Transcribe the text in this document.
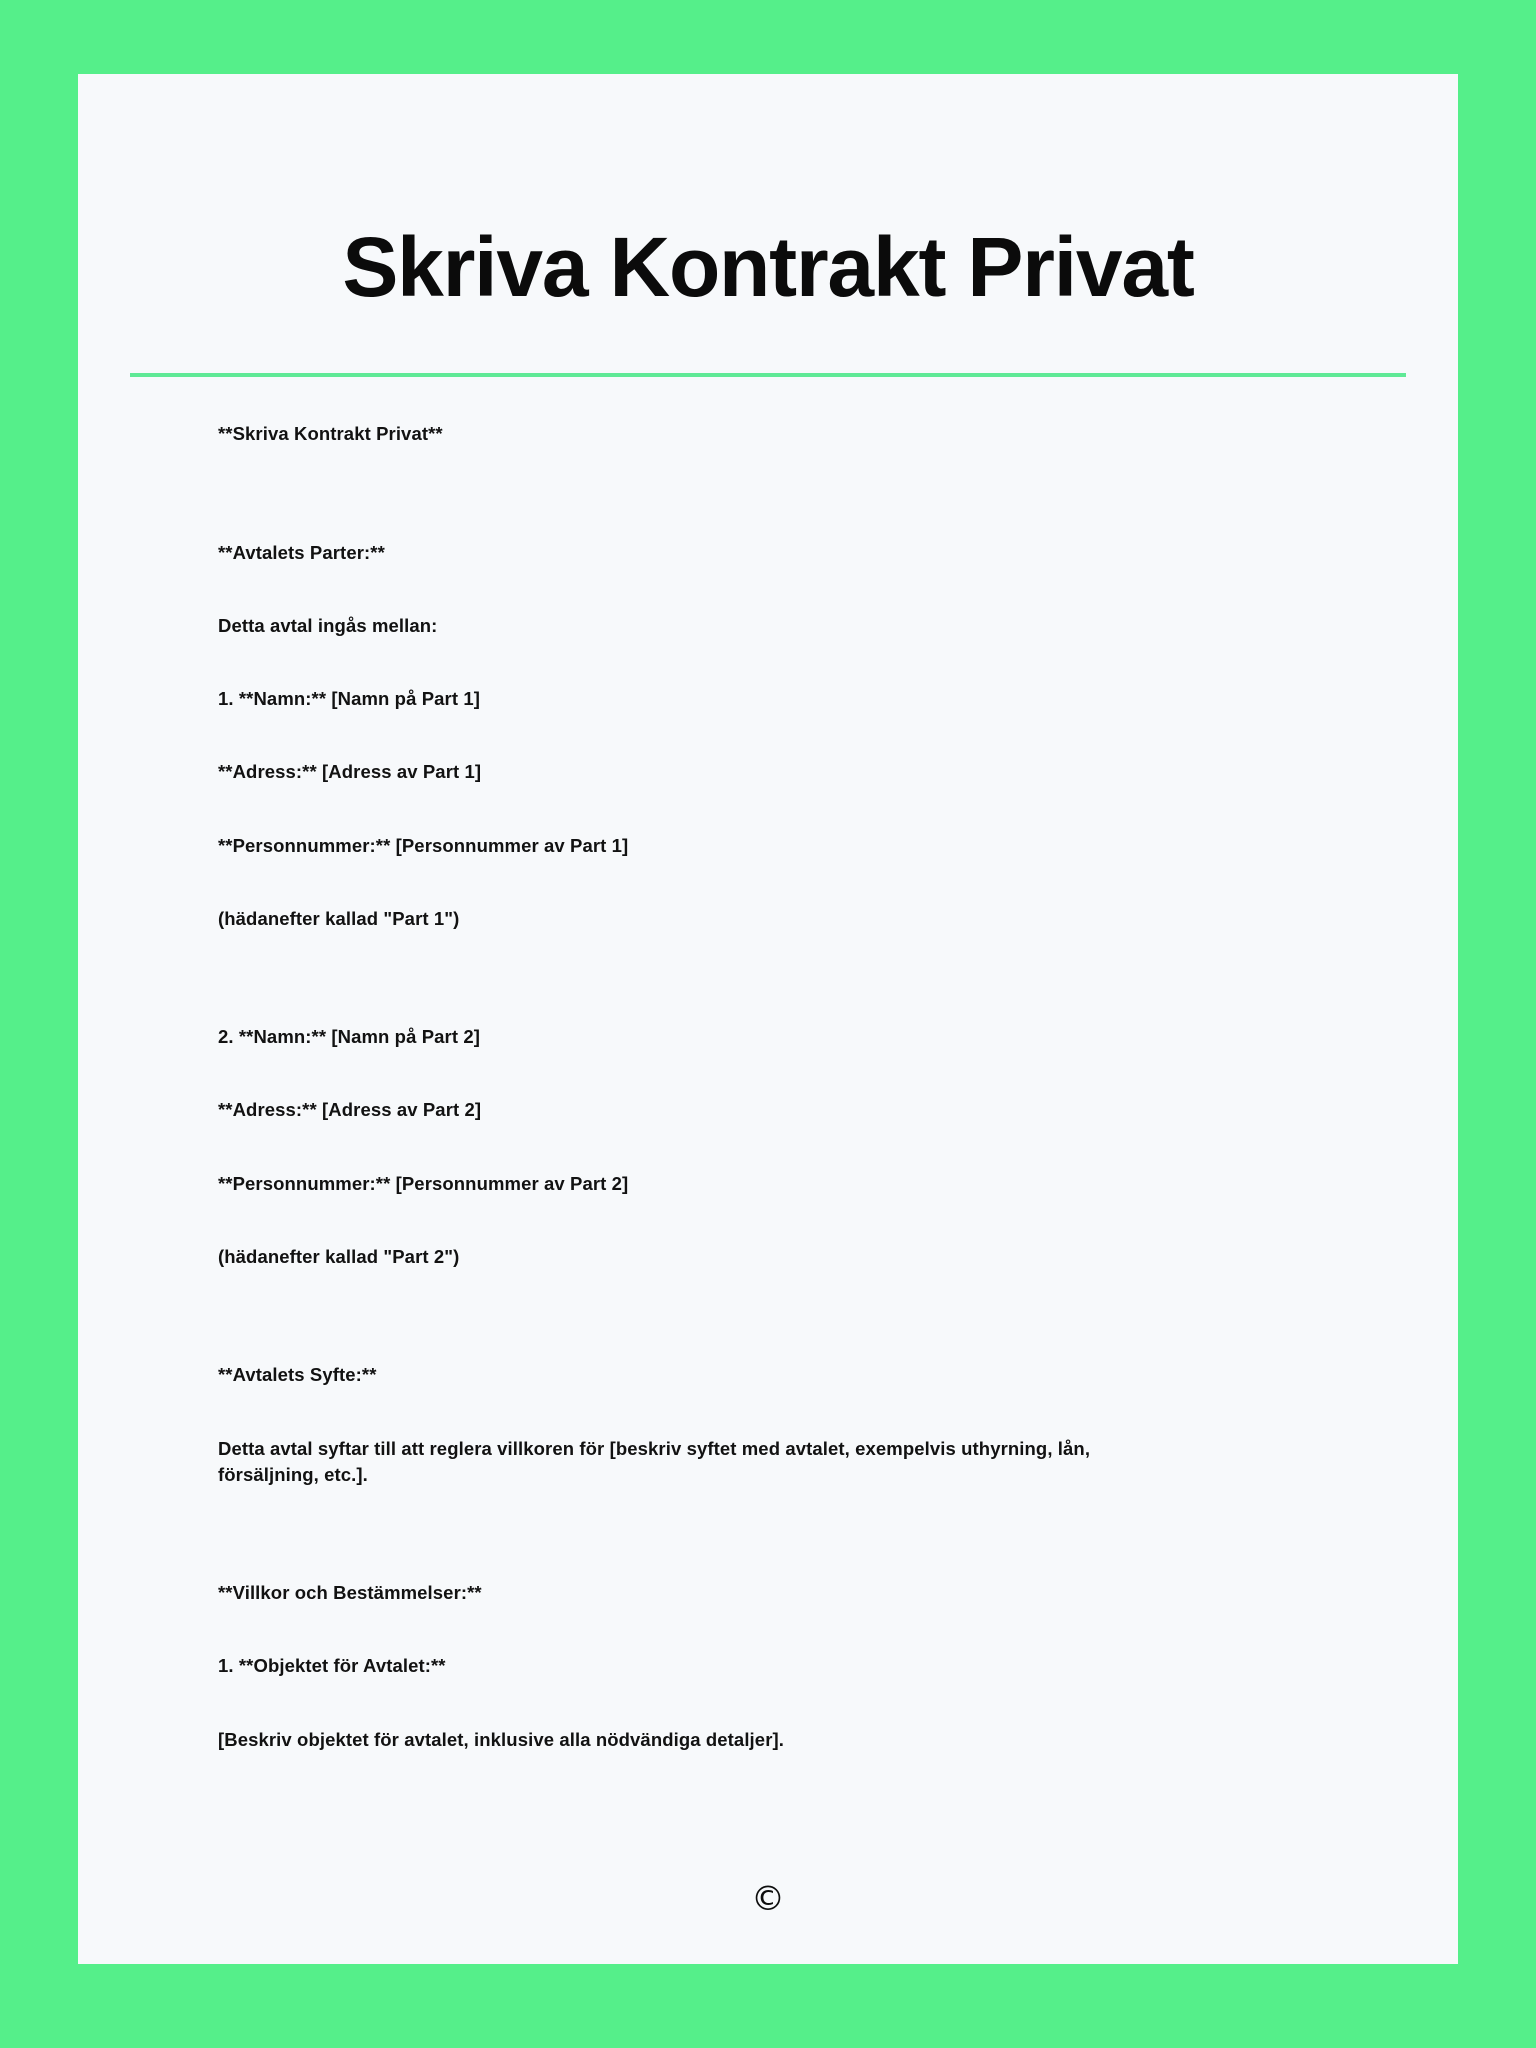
Skriva Kontrakt Privat

**Skriva Kontrakt Privat**

**Avtalets Parter:**

Detta avtal ingås mellan:

1. **Namn:** [Namn på Part 1]

**Adress:** [Adress av Part 1]

**Personnummer:** [Personnummer av Part 1]

(hädanefter kallad "Part 1")

2. **Namn:** [Namn på Part 2]

**Adress:** [Adress av Part 2]

**Personnummer:** [Personnummer av Part 2]

(hädanefter kallad "Part 2")

**Avtalets Syfte:**

Detta avtal syftar till att reglera villkoren för [beskriv syftet med avtalet, exempelvis uthyrning, lån, försäljning, etc.].

**Villkor och Bestämmelser:**

1. **Objektet för Avtalet:**

[Beskriv objektet för avtalet, inklusive alla nödvändiga detaljer].

©
